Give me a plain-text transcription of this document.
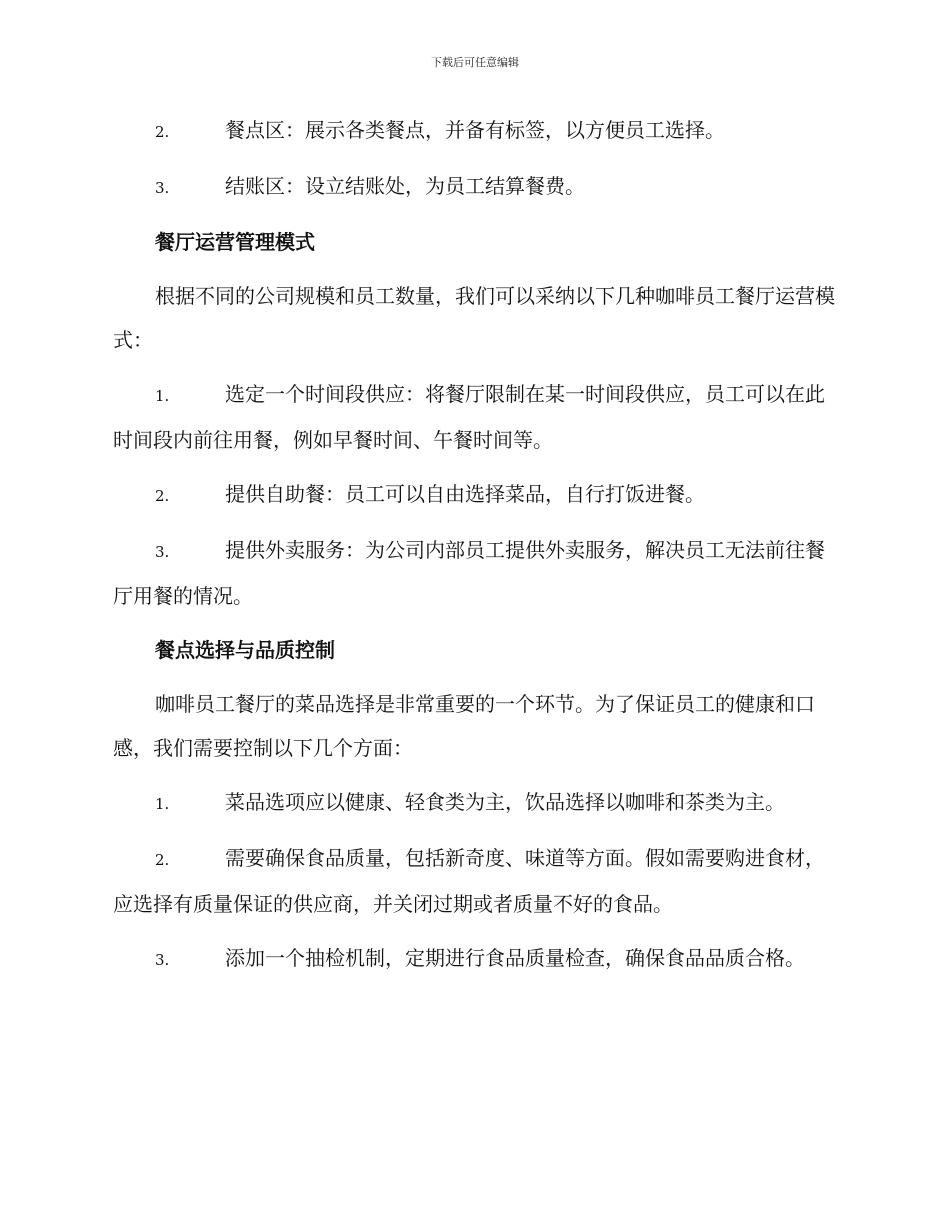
下载后可任意编辑
2.	餐点区：展示各类餐点，并备有标签，以方便员工选择。
3.	结账区：设立结账处，为员工结算餐费。
餐厅运营管理模式
根据不同的公司规模和员工数量，我们可以采纳以下几种咖啡员工餐厅运营模式：
1.	选定一个时间段供应：将餐厅限制在某一时间段供应，员工可以在此时间段内前往用餐，例如早餐时间、午餐时间等。
2.	提供自助餐：员工可以自由选择菜品，自行打饭进餐。
3.	提供外卖服务：为公司内部员工提供外卖服务，解决员工无法前往餐厅用餐的情况。
餐点选择与品质控制
咖啡员工餐厅的菜品选择是非常重要的一个环节。为了保证员工的健康和口感，我们需要控制以下几个方面：
1.	菜品选项应以健康、轻食类为主，饮品选择以咖啡和茶类为主。
2.	需要确保食品质量，包括新奇度、味道等方面。假如需要购进食材，应选择有质量保证的供应商，并关闭过期或者质量不好的食品。
3.	添加一个抽检机制，定期进行食品质量检查，确保食品品质合格。
